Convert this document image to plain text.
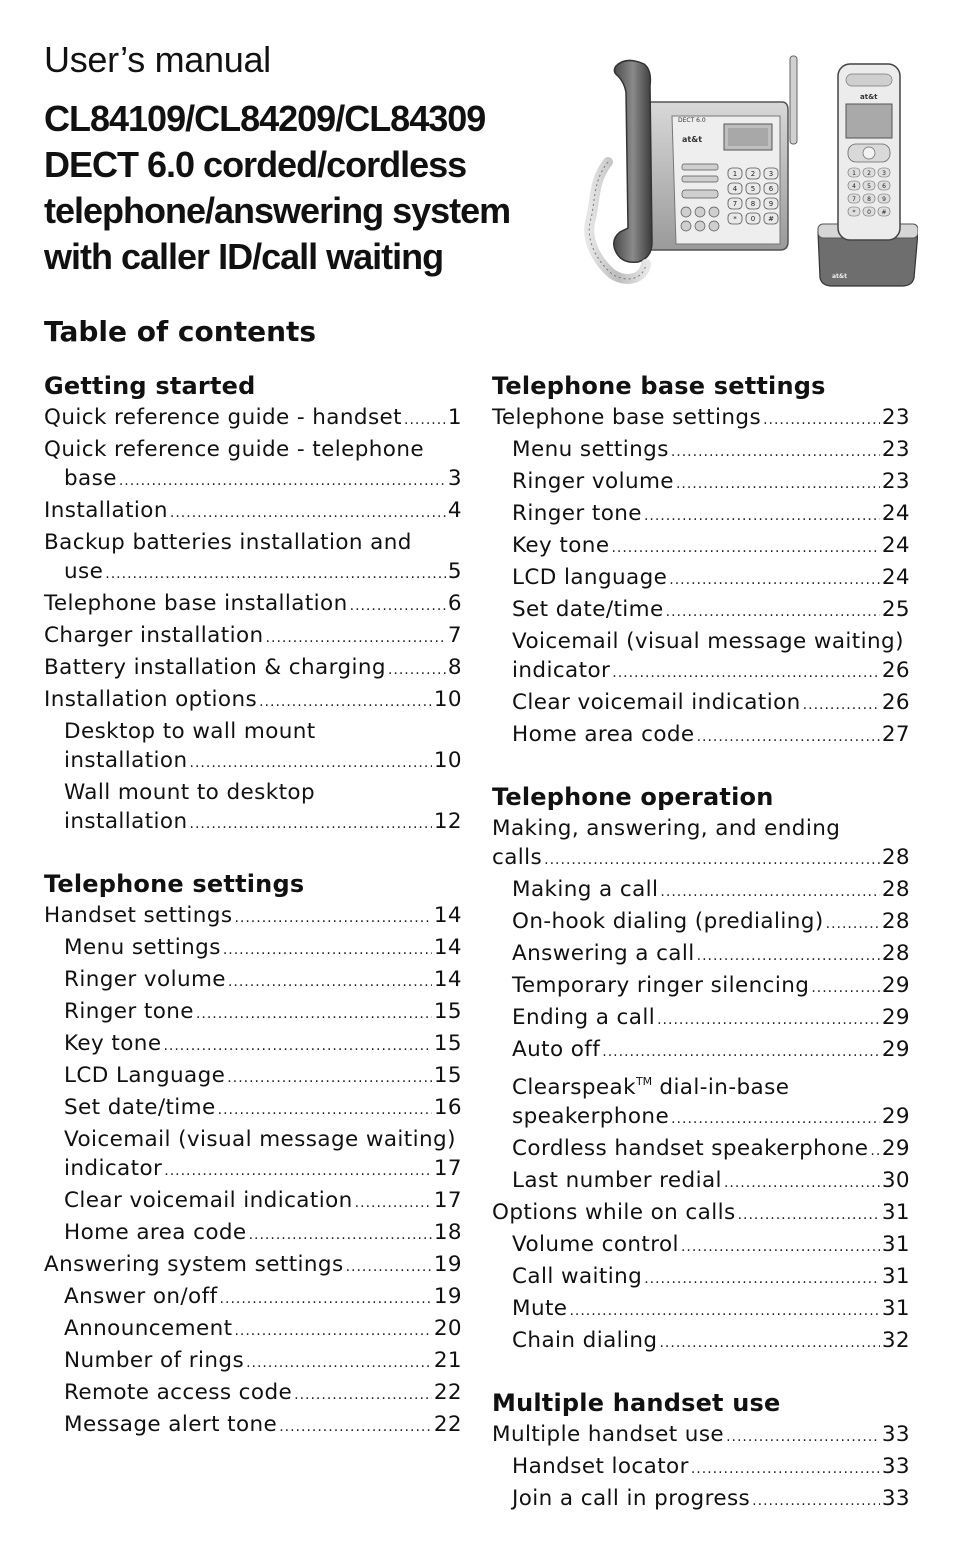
User’s manual
CL84109/CL84209/CL84309
DECT 6.0 corded/cordless
telephone/answering system
with caller ID/call waiting
DECT 6.0
at&t
1 2 3
4 5 6
7 8 9
* 0 #
at&t
1 2 3
4 5 6
7 8 9
* 0 #
at&t
Table of contents
Getting started
Quick reference guide - handset ..... 1
Quick reference guide - telephone
base .....	3
Installation .....	4
Backup batteries installation and
use .....	5
Telephone base installation .....	6
Charger installation .....	7
Battery installation & charging .....	8
Installation options .....	10
Desktop to wall mount
installation .....	10
Wall mount to desktop
installation .....	12
Telephone settings
Handset settings .....	14
Menu settings .....	14
Ringer volume .....	14
Ringer tone .....	15
Key tone .....	15
LCD Language .....	15
Set date/time .....	16
Voicemail (visual message waiting)
indicator .....	17
Clear voicemail indication .....	17
Home area code .....	18
Answering system settings .....	19
Answer on/off .....	19
Announcement .....	20
Number of rings .....	21
Remote access code .....	22
Message alert tone .....	22
Telephone base settings
Telephone base settings .....	23
Menu settings .....	23
Ringer volume .....	23
Ringer tone .....	24
Key tone .....	24
LCD language .....	24
Set date/time .....	25
Voicemail (visual message waiting)
indicator .....	26
Clear voicemail indication .....	26
Home area code .....	27
Telephone operation
Making, answering, and ending
calls .....	28
Making a call .....	28
On-hook dialing (predialing) .....	28
Answering a call .....	28
Temporary ringer silencing .....	29
Ending a call .....	29
Auto off .....	29
Clearspeak™ dial-in-base
speakerphone .....	29
Cordless handset speakerphone ..... 29
Last number redial .....	30
Options while on calls .....	31
Volume control .....	31
Call waiting .....	31
Mute .....	31
Chain dialing .....	32
Multiple handset use
Multiple handset use .....	33
Handset locator .....	33
Join a call in progress .....	33
